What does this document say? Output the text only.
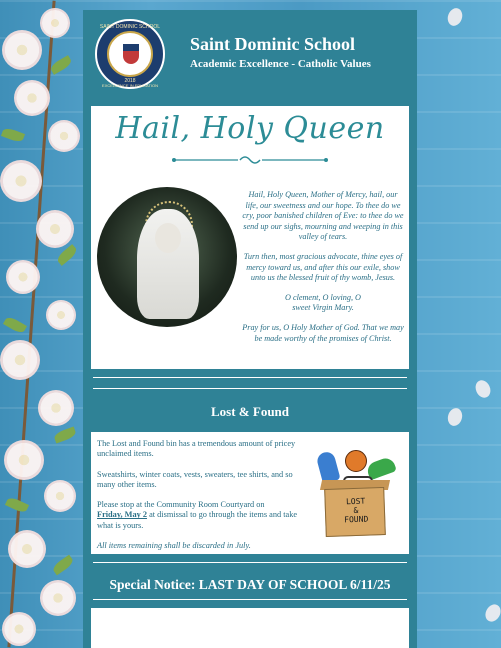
SAINT DOMINIC SCHOOL
2018
EXCELLENCE IN EDUCATION
Saint Dominic School
Academic Excellence - Catholic Values
Hail, Holy Queen

Hail, Holy Queen, Mother of Mercy, hail, our life, our sweetness and our hope. To thee do we cry, poor banished children of Eve: to thee do we send up our sighs, mourning and weeping in this valley of tears.

Turn then, most gracious advocate, thine eyes of mercy toward us, and after this our exile, show unto us the blessed fruit of thy womb, Jesus.

O clement, O loving, O sweet Virgin Mary.

Pray for us, O Holy Mother of God. That we may be made worthy of the promises of Christ.

Lost & Found

The Lost and Found bin has a tremendous amount of pricey unclaimed items.

Sweatshirts, winter coats, vests, sweaters, tee shirts, and so many other items.

Please stop at the Community Room Courtyard on
Friday, May 2 at dismissal to go through the items and take what is yours.

All items remaining shall be discarded in July.

LOST
&
FOUND
Special Notice: LAST DAY OF SCHOOL 6/11/25
